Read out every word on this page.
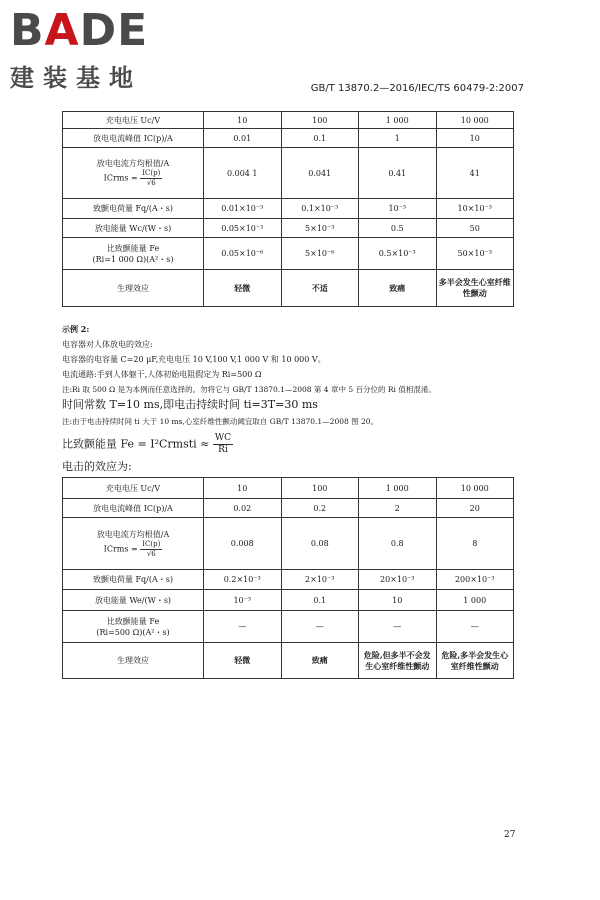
BADE
建装基地	GB/T 13870.2—2016/IEC/TS 60479-2:2007
充电电压 Uc/V	10	100	1 000	10 000
放电电流峰值 IC(p)/A	0.01	0.1	1	10

放电电流方均根值/A
ICrms = $\frac{IC(p)}{√6}$	0.004 1	0.041	0.41	41
致颤电荷量 Fq/(A・s)	0.01×10⁻³	0.1×10⁻³	10⁻³	10×10⁻³
放电能量 Wc/(W・s)	0.05×10⁻³	5×10⁻³	0.5	50

比致颤能量 Fe
(Ri=1 000 Ω)(A²・s)	0.05×10⁻⁶	5×10⁻⁶	0.5×10⁻³	50×10⁻³
生理效应	轻微	不适	致痛	多半会发生心室纤维性颤动
示例 2:
电容器对人体放电的效应:
电容器的电容量 C=20 μF,充电电压 10 V,100 V,1 000 V 和 10 000 V。
电流通路:手到人体躯干,人体初始电阻假定为 Ri=500 Ω
注:Ri 取 500 Ω 是为本例而任意选择的。勿将它与 GB/T 13870.1—2008 第 4 章中 5 百分位的 Ri 值相混淆。
时间常数 T=10 ms,即电击持续时间 ti=3T=30 ms
注:由于电击持续时间 ti 大于 10 ms,心室纤维性颤动阈宜取自 GB/T 13870.1—2008 图 20。
比致颤能量 Fe = I²Crmsti ≈ $\frac{WC}{Ri}$
电击的效应为:
充电电压 Uc/V	10	100	1 000	10 000
放电电流峰值 IC(p)/A	0.02	0.2	2	20

放电电流方均根值/A
ICrms = $\frac{IC(p)}{√6}$	0.008	0.08	0.8	8
致颤电荷量 Fq/(A・s)	0.2×10⁻³	2×10⁻³	20×10⁻³	200×10⁻³
放电能量 We/(W・s)	10⁻³	0.1	10	1 000

比致颤能量 Fe
(Ri=500 Ω)(A²・s)	—	—	—	—
生理效应	轻微	致痛	危险,但多半不会发生心室纤维性颤动	危险,多半会发生心室纤维性颤动
27
